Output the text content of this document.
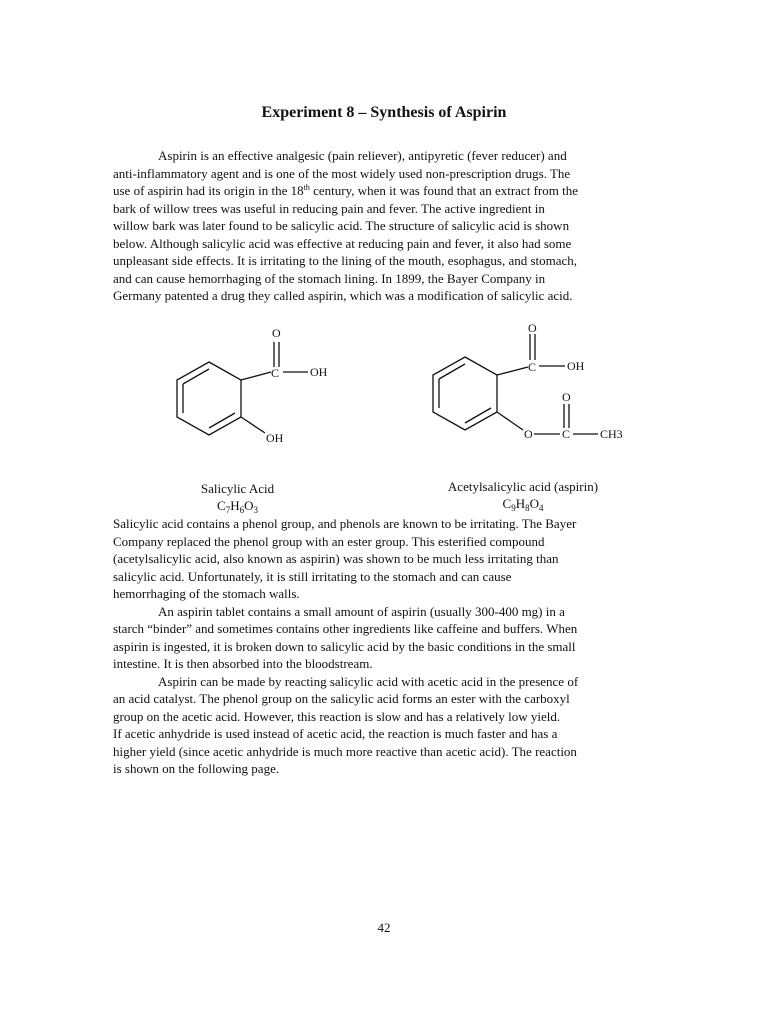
Experiment 8 – Synthesis of Aspirin

Aspirin is an effective analgesic (pain reliever), antipyretic (fever reducer) and
anti-inflammatory agent and is one of the most widely used non-prescription drugs. The
use of aspirin had its origin in the 18th century, when it was found that an extract from the
bark of willow trees was useful in reducing pain and fever. The active ingredient in
willow bark was later found to be salicylic acid. The structure of salicylic acid is shown
below. Although salicylic acid was effective at reducing pain and fever, it also had some
unpleasant side effects. It is irritating to the lining of the mouth, esophagus, and stomach,
and can cause hemorrhaging of the stomach lining. In 1899, the Bayer Company in
Germany patented a drug they called aspirin, which was a modification of salicylic acid.

O
C	OH
OH
O
C	OH
O
O C CH3
Salicylic Acid
$C_7H_6O_3$
Acetylsalicylic acid (aspirin)
$C_9H_8O_4$
Salicylic acid contains a phenol group, and phenols are known to be irritating. The Bayer
Company replaced the phenol group with an ester group. This esterified compound
(acetylsalicylic acid, also known as aspirin) was shown to be much less irritating than
salicylic acid. Unfortunately, it is still irritating to the stomach and can cause
hemorrhaging of the stomach walls.
An aspirin tablet contains a small amount of aspirin (usually 300-400 mg) in a
starch “binder” and sometimes contains other ingredients like caffeine and buffers. When
aspirin is ingested, it is broken down to salicylic acid by the basic conditions in the small
intestine. It is then absorbed into the bloodstream.
Aspirin can be made by reacting salicylic acid with acetic acid in the presence of
an acid catalyst. The phenol group on the salicylic acid forms an ester with the carboxyl
group on the acetic acid. However, this reaction is slow and has a relatively low yield.
If acetic anhydride is used instead of acetic acid, the reaction is much faster and has a
higher yield (since acetic anhydride is much more reactive than acetic acid). The reaction
is shown on the following page.
42
